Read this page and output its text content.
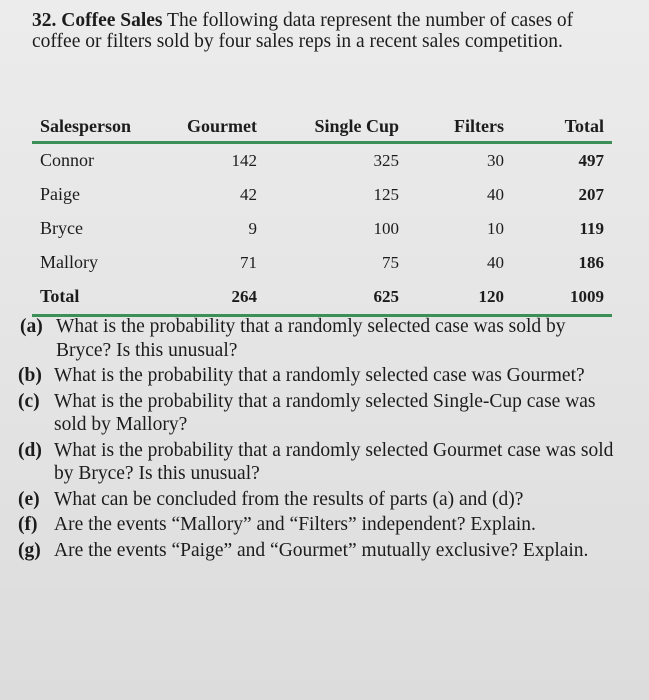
32. Coffee Sales The following data represent the number of cases of coffee or filters sold by four sales reps in a recent sales competition.
Salesperson	Gourmet	Single Cup	Filters	Total
Connor	142	325	30	497
Paige	42	125	40	207
Bryce	9	100	10	119
Mallory	71	75	40	186
Total	264	625	120	1009
(a) What is the probability that a randomly selected case was sold by Bryce? Is this unusual?
(b) What is the probability that a randomly selected case was Gourmet?
(c) What is the probability that a randomly selected Single-Cup case was sold by Mallory?
(d) What is the probability that a randomly selected Gourmet case was sold by Bryce? Is this unusual?
(e) What can be concluded from the results of parts (a) and (d)?
(f) Are the events “Mallory” and “Filters” independent? Explain.
(g) Are the events “Paige” and “Gourmet” mutually exclusive? Explain.
